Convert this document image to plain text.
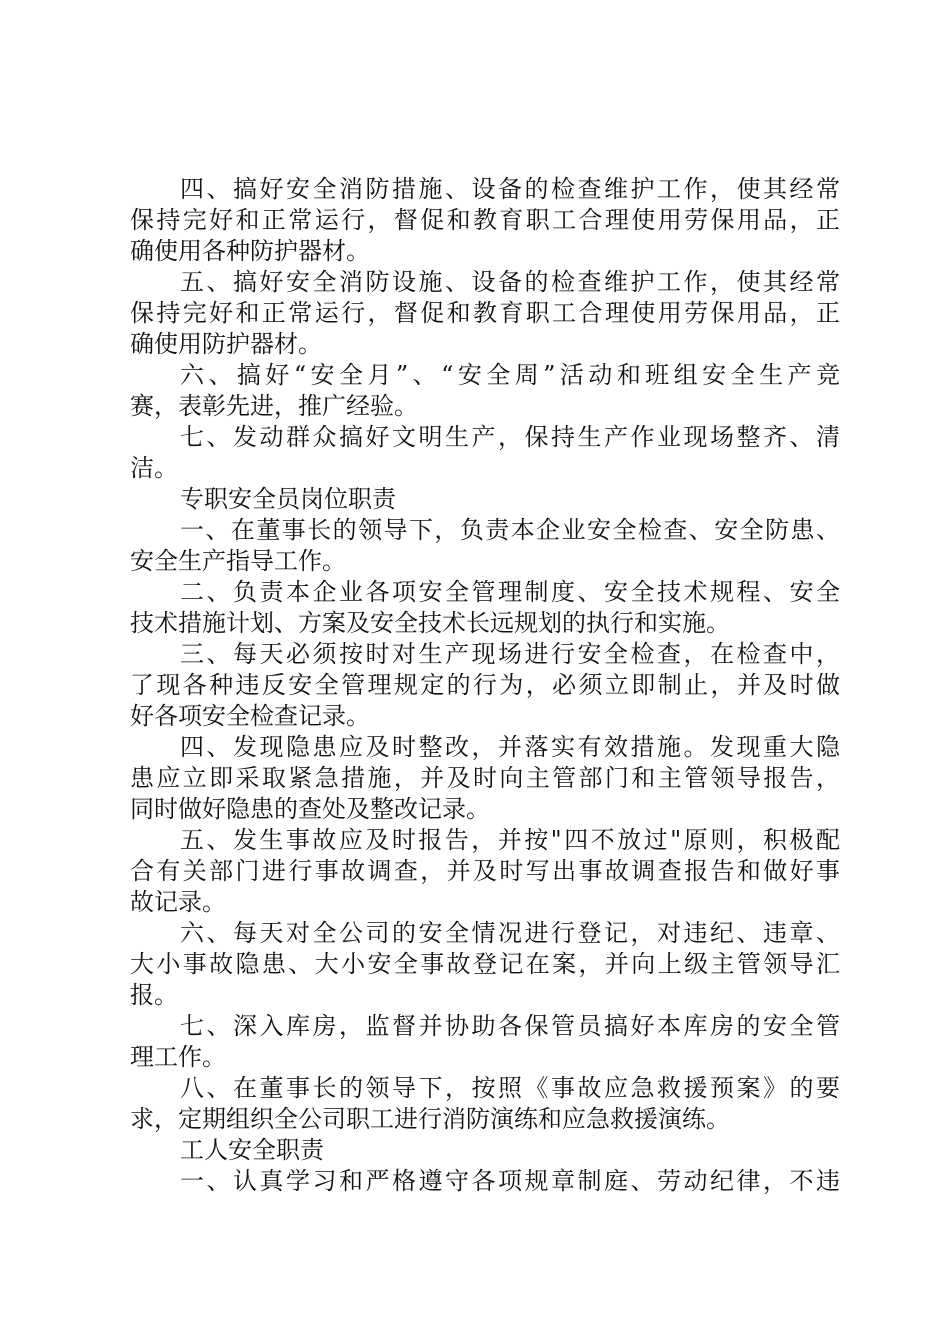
四、搞好安全消防措施、设备的检查维护工作，使其经常
保持完好和正常运行，督促和教育职工合理使用劳保用品，正
确使用各种防护器材。
五、搞好安全消防设施、设备的检查维护工作，使其经常
保持完好和正常运行，督促和教育职工合理使用劳保用品，正
确使用防护器材。
六、搞好“安全月”、“安全周”活动和班组安全生产竞
赛，表彰先进，推广经验。
七、发动群众搞好文明生产，保持生产作业现场整齐、清
洁。
专职安全员岗位职责
一、在董事长的领导下，负责本企业安全检查、安全防患、
安全生产指导工作。
二、负责本企业各项安全管理制度、安全技术规程、安全
技术措施计划、方案及安全技术长远规划的执行和实施。
三、每天必须按时对生产现场进行安全检查，在检查中，
了现各种违反安全管理规定的行为，必须立即制止，并及时做
好各项安全检查记录。
四、发现隐患应及时整改，并落实有效措施。发现重大隐
患应立即采取紧急措施，并及时向主管部门和主管领导报告，
同时做好隐患的查处及整改记录。
五、发生事故应及时报告，并按"四不放过"原则，积极配
合有关部门进行事故调查，并及时写出事故调查报告和做好事
故记录。
六、每天对全公司的安全情况进行登记，对违纪、违章、
大小事故隐患、大小安全事故登记在案，并向上级主管领导汇
报。
七、深入库房，监督并协助各保管员搞好本库房的安全管
理工作。
八、在董事长的领导下，按照《事故应急救援预案》的要
求，定期组织全公司职工进行消防演练和应急救援演练。
工人安全职责
一、认真学习和严格遵守各项规章制庭、劳动纪律，不违
